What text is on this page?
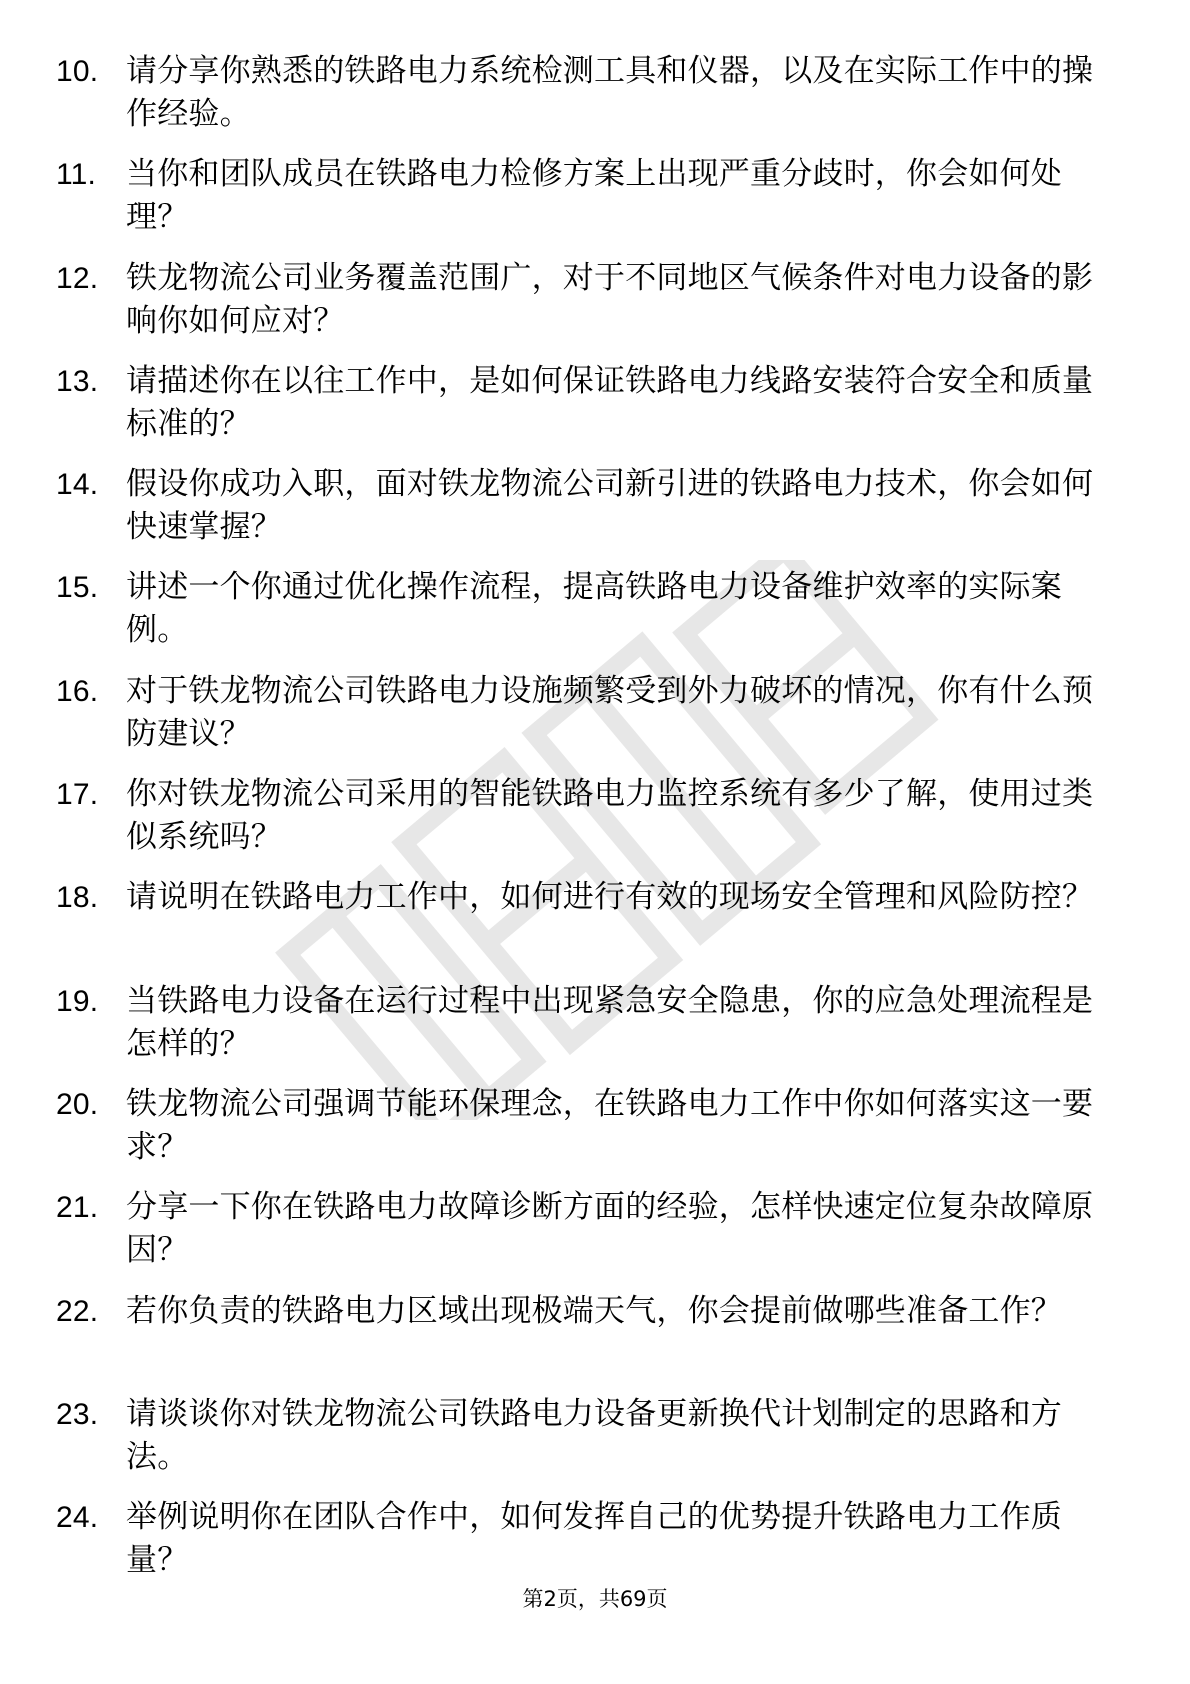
10. 请分享你熟悉的铁路电力系统检测工具和仪器，以及在实际工作中的操作经验。
11. 当你和团队成员在铁路电力检修方案上出现严重分歧时，你会如何处理？
12. 铁龙物流公司业务覆盖范围广，对于不同地区气候条件对电力设备的影响你如何应对？
13. 请描述你在以往工作中，是如何保证铁路电力线路安装符合安全和质量标准的？
14. 假设你成功入职，面对铁龙物流公司新引进的铁路电力技术，你会如何快速掌握？
15. 讲述一个你通过优化操作流程，提高铁路电力设备维护效率的实际案例。
16. 对于铁龙物流公司铁路电力设施频繁受到外力破坏的情况，你有什么预防建议？
17. 你对铁龙物流公司采用的智能铁路电力监控系统有多少了解，使用过类似系统吗？
18. 请说明在铁路电力工作中，如何进行有效的现场安全管理和风险防控？
19. 当铁路电力设备在运行过程中出现紧急安全隐患，你的应急处理流程是怎样的？
20. 铁龙物流公司强调节能环保理念，在铁路电力工作中你如何落实这一要求？
21. 分享一下你在铁路电力故障诊断方面的经验，怎样快速定位复杂故障原因？
22. 若你负责的铁路电力区域出现极端天气，你会提前做哪些准备工作？
23. 请谈谈你对铁龙物流公司铁路电力设备更新换代计划制定的思路和方法。
24. 举例说明你在团队合作中，如何发挥自己的优势提升铁路电力工作质量？
第2页，共69页
